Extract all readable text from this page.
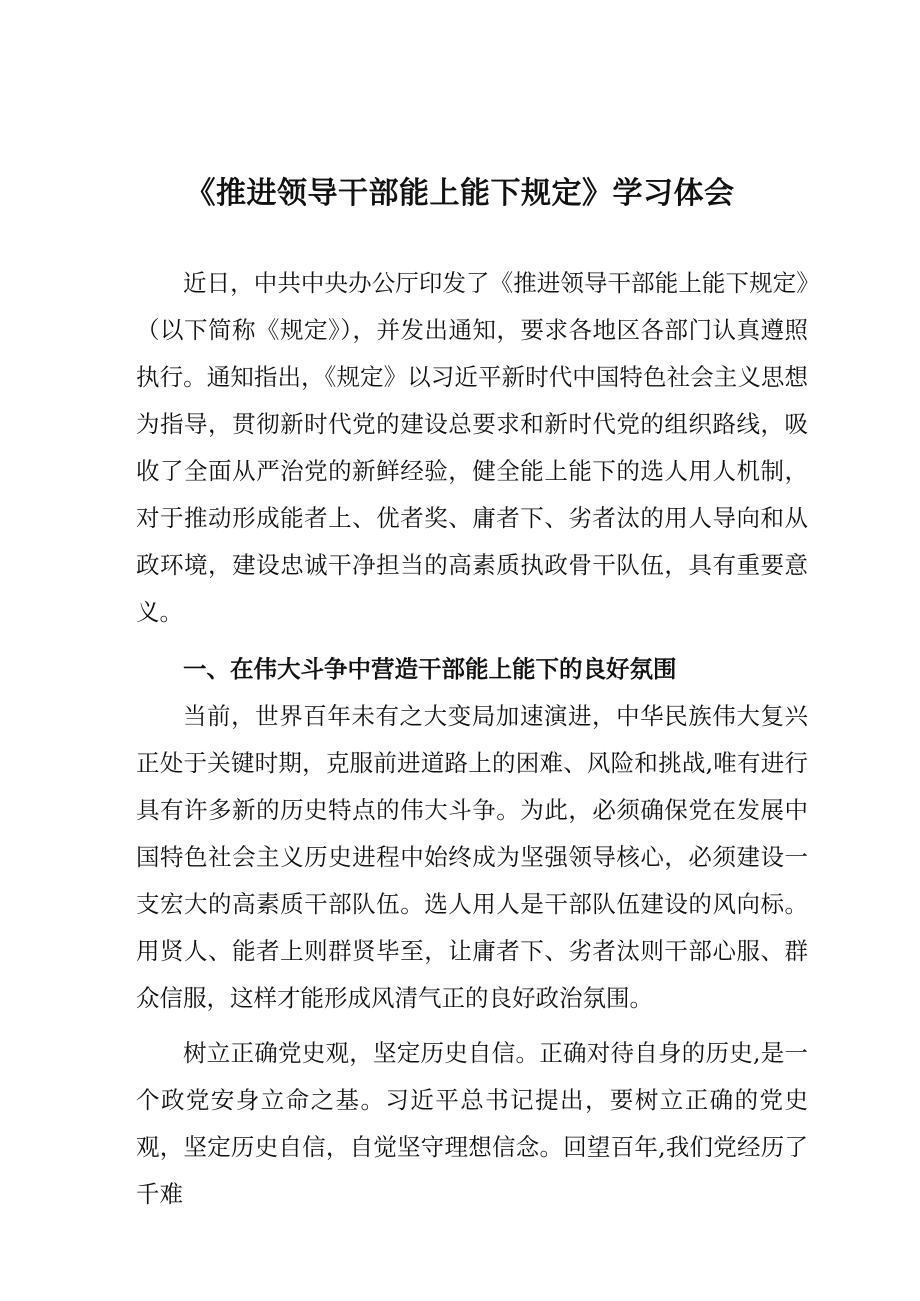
《推进领导干部能上能下规定》学习体会

近日，中共中央办公厅印发了《推进领导干部能上能下规定》（以下简称《规定》），并发出通知，要求各地区各部门认真遵照执行。通知指出，《规定》以习近平新时代中国特色社会主义思想为指导，贯彻新时代党的建设总要求和新时代党的组织路线，吸收了全面从严治党的新鲜经验，健全能上能下的选人用人机制，对于推动形成能者上、优者奖、庸者下、劣者汰的用人导向和从政环境，建设忠诚干净担当的高素质执政骨干队伍，具有重要意义。

一、在伟大斗争中营造干部能上能下的良好氛围

当前，世界百年未有之大变局加速演进，中华民族伟大复兴正处于关键时期，克服前进道路上的困难、风险和挑战,唯有进行具有许多新的历史特点的伟大斗争。为此，必须确保党在发展中国特色社会主义历史进程中始终成为坚强领导核心，必须建设一支宏大的高素质干部队伍。选人用人是干部队伍建设的风向标。用贤人、能者上则群贤毕至，让庸者下、劣者汰则干部心服、群众信服，这样才能形成风清气正的良好政治氛围。

树立正确党史观，坚定历史自信。正确对待自身的历史,是一个政党安身立命之基。习近平总书记提出，要树立正确的党史观，坚定历史自信，自觉坚守理想信念。回望百年,我们党经历了千难
